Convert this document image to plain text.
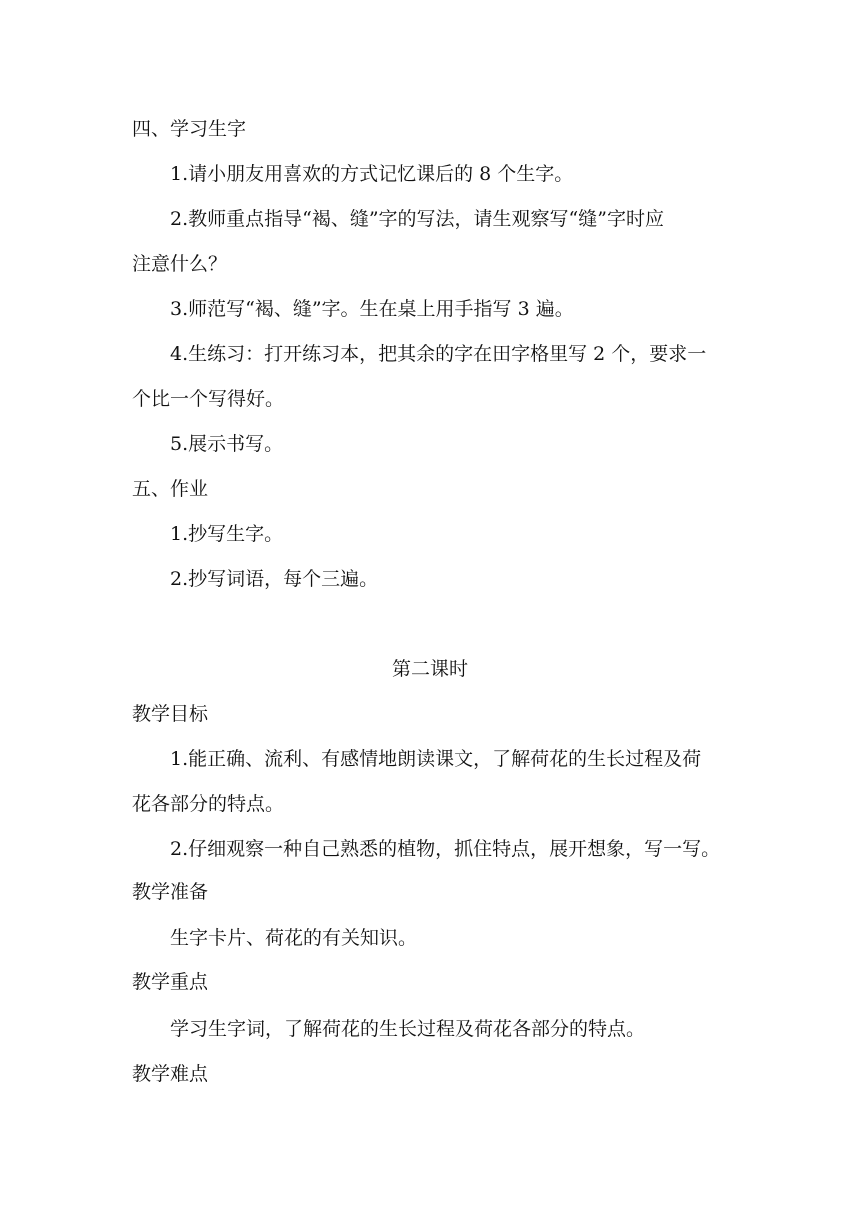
四、学习生字
1.请小朋友用喜欢的方式记忆课后的 8 个生字。
2.教师重点指导“褐、缝”字的写法，请生观察写“缝”字时应
注意什么？
3.师范写“褐、缝”字。生在桌上用手指写 3 遍。
4.生练习：打开练习本，把其余的字在田字格里写 2 个，要求一
个比一个写得好。
5.展示书写。
五、作业
1.抄写生字。
2.抄写词语，每个三遍。
第二课时
教学目标
1.能正确、流利、有感情地朗读课文，了解荷花的生长过程及荷
花各部分的特点。
2.仔细观察一种自己熟悉的植物，抓住特点，展开想象，写一写。
教学准备
生字卡片、荷花的有关知识。
教学重点
学习生字词，了解荷花的生长过程及荷花各部分的特点。
教学难点
